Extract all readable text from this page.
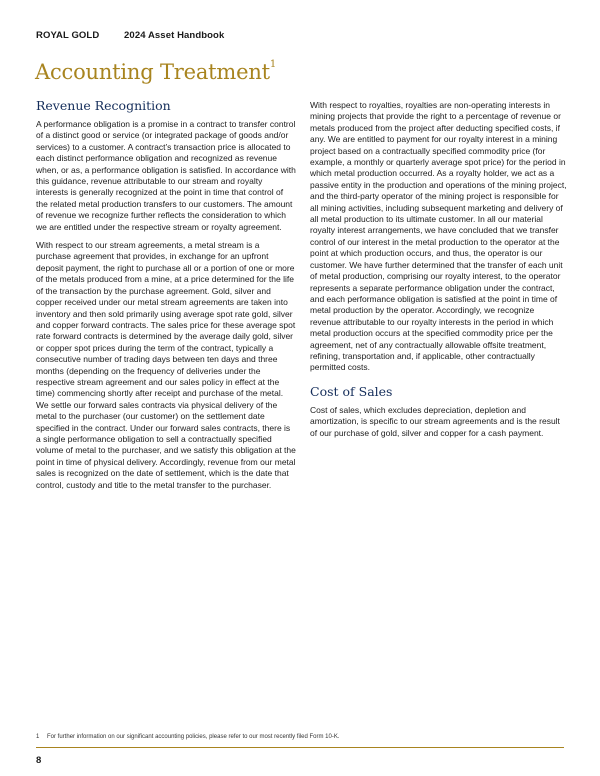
ROYAL GOLD	2024 Asset Handbook
Accounting Treatment$^1$
Revenue Recognition

A performance obligation is a promise in a contract to transfer control of a distinct good or service (or integrated package of goods and/or services) to a customer. A contract’s transaction price is allocated to each distinct performance obligation and recognized as revenue when, or as, a performance obligation is satisfied. In accordance with this guidance, revenue attributable to our stream and royalty interests is generally recognized at the point in time that control of the related metal production transfers to our customers. The amount of revenue we recognize further reflects the consideration to which we are entitled under the respective stream or royalty agreement.

With respect to our stream agreements, a metal stream is a purchase agreement that provides, in exchange for an upfront deposit payment, the right to purchase all or a portion of one or more of the metals produced from a mine, at a price determined for the life of the transaction by the purchase agreement. Gold, silver and copper received under our metal stream agreements are taken into inventory and then sold primarily using average spot rate gold, silver and copper forward contracts. The sales price for these average spot rate forward contracts is determined by the average daily gold, silver or copper spot prices during the term of the contract, typically a consecutive number of trading days between ten days and three months (depending on the frequency of deliveries under the respective stream agreement and our sales policy in effect at the time) commencing shortly after receipt and purchase of the metal. We settle our forward sales contracts via physical delivery of the metal to the purchaser (our customer) on the settlement date specified in the contract. Under our forward sales contracts, there is a single performance obligation to sell a contractually specified volume of metal to the purchaser, and we satisfy this obligation at the point in time of physical delivery. Accordingly, revenue from our metal sales is recognized on the date of settlement, which is the date that control, custody and title to the metal transfer to the purchaser.

With respect to royalties, royalties are non-operating interests in mining projects that provide the right to a percentage of revenue or metals produced from the project after deducting specified costs, if any. We are entitled to payment for our royalty interest in a mining project based on a contractually specified commodity price (for example, a monthly or quarterly average spot price) for the period in which metal production occurred. As a royalty holder, we act as a passive entity in the production and operations of the mining project, and the third-party operator of the mining project is responsible for all mining activities, including subsequent marketing and delivery of all metal production to its ultimate customer. In all our material royalty interest arrangements, we have concluded that we transfer control of our interest in the metal production to the operator at the point at which production occurs, and thus, the operator is our customer. We have further determined that the transfer of each unit of metal production, comprising our royalty interest, to the operator represents a separate performance obligation under the contract, and each performance obligation is satisfied at the point in time of metal production by the operator. Accordingly, we recognize revenue attributable to our royalty interests in the period in which metal production occurs at the specified commodity price per the agreement, net of any contractually allowable offsite treatment, refining, transportation and, if applicable, other contractually permitted costs.

Cost of Sales

Cost of sales, which excludes depreciation, depletion and amortization, is specific to our stream agreements and is the result of our purchase of gold, silver and copper for a cash payment.

1 For further information on our significant accounting policies, please refer to our most recently filed Form 10-K.
8
